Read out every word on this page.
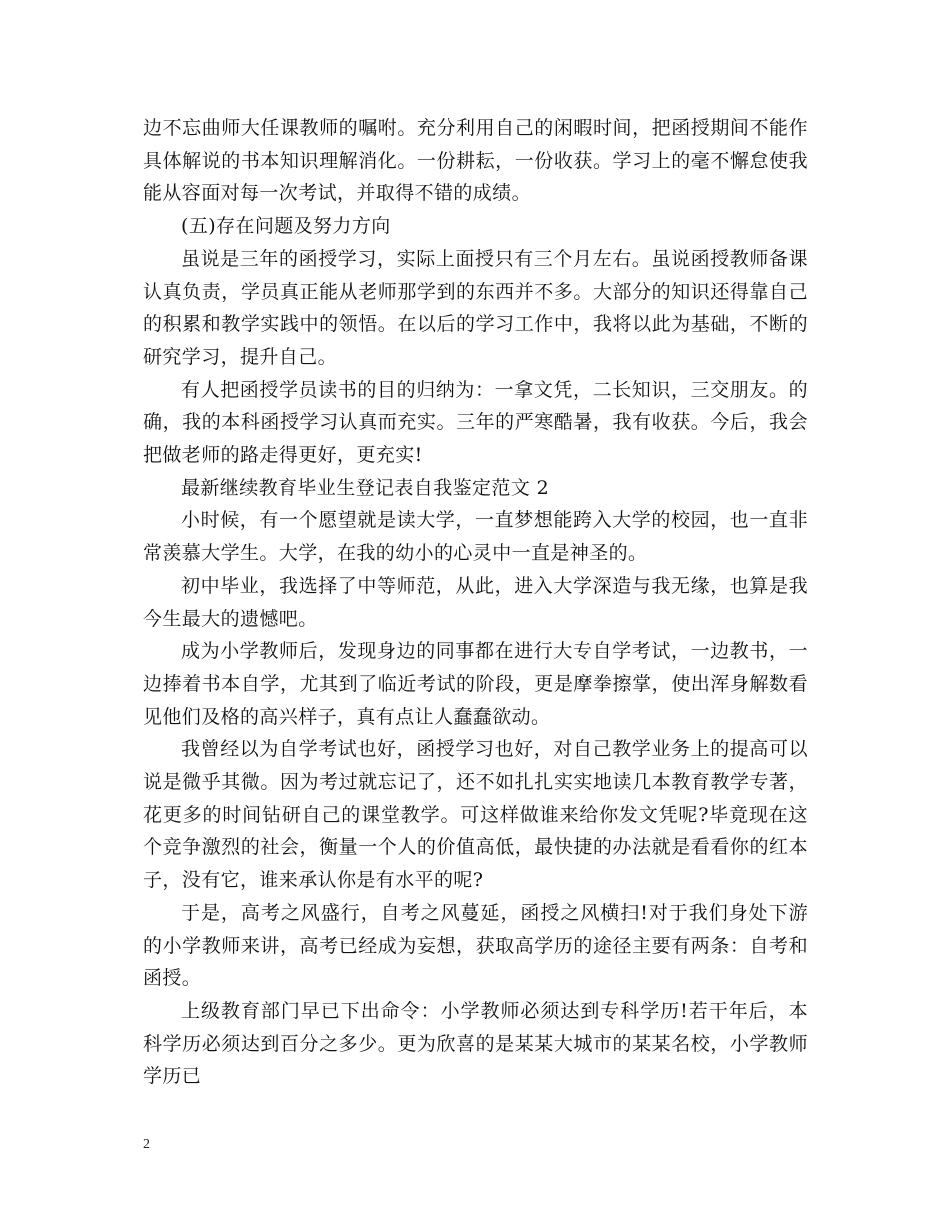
边不忘曲师大任课教师的嘱咐。充分利用自己的闲暇时间，把函授期间不能作具体解说的书本知识理解消化。一份耕耘，一份收获。学习上的毫不懈怠使我能从容面对每一次考试，并取得不错的成绩。

(五)存在问题及努力方向

虽说是三年的函授学习，实际上面授只有三个月左右。虽说函授教师备课认真负责，学员真正能从老师那学到的东西并不多。大部分的知识还得靠自己的积累和教学实践中的领悟。在以后的学习工作中，我将以此为基础，不断的研究学习，提升自己。

有人把函授学员读书的目的归纳为：一拿文凭，二长知识，三交朋友。的确，我的本科函授学习认真而充实。三年的严寒酷暑，我有收获。今后，我会把做老师的路走得更好，更充实!

最新继续教育毕业生登记表自我鉴定范文 2

小时候，有一个愿望就是读大学，一直梦想能跨入大学的校园，也一直非常羡慕大学生。大学，在我的幼小的心灵中一直是神圣的。

初中毕业，我选择了中等师范，从此，进入大学深造与我无缘，也算是我今生最大的遗憾吧。

成为小学教师后，发现身边的同事都在进行大专自学考试，一边教书，一边捧着书本自学，尤其到了临近考试的阶段，更是摩拳擦掌，使出浑身解数看见他们及格的高兴样子，真有点让人蠢蠢欲动。

我曾经以为自学考试也好，函授学习也好，对自己教学业务上的提高可以说是微乎其微。因为考过就忘记了，还不如扎扎实实地读几本教育教学专著，花更多的时间钻研自己的课堂教学。可这样做谁来给你发文凭呢?毕竟现在这个竞争激烈的社会，衡量一个人的价值高低，最快捷的办法就是看看你的红本子，没有它，谁来承认你是有水平的呢?

于是，高考之风盛行，自考之风蔓延，函授之风横扫!对于我们身处下游的小学教师来讲，高考已经成为妄想，获取高学历的途径主要有两条：自考和函授。

上级教育部门早已下出命令：小学教师必须达到专科学历!若干年后，本科学历必须达到百分之多少。更为欣喜的是某某大城市的某某名校，小学教师学历已

2
